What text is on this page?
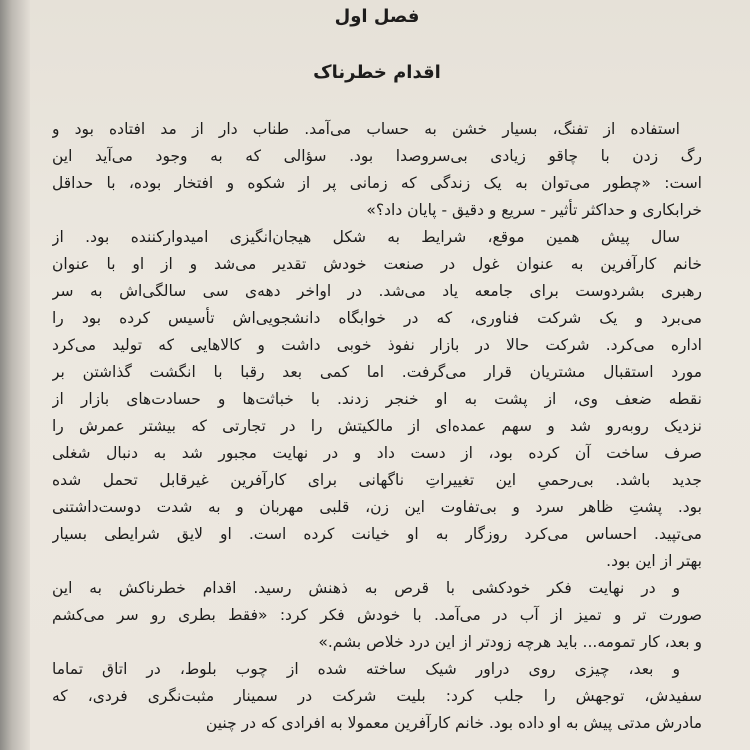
فصل اول
اقدام خطرناک
استفاده از تفنگ، بسیار خشن به حساب می‌آمد. طناب دار از مد افتاده بود و
رگ زدن با چاقو زیادی بی‌سروصدا بود. سؤالی که به وجود می‌آید این
است: «چطور می‌توان به یک زندگی که زمانی پر از شکوه و افتخار بوده، با حداقل
خرابکاری و حداکثر تأثیر - سریع و دقیق - پایان داد؟»
سال پیش همین موقع، شرایط به شکل هیجان‌انگیزی امیدوارکننده بود. از
خانم کارآفرین به عنوان غول در صنعت خودش تقدیر می‌شد و از او با عنوان
رهبری بشردوست برای جامعه یاد می‌شد. در اواخر دهه‌ی سی سالگی‌اش به سر
می‌برد و یک شرکت فناوری، که در خوابگاه دانشجویی‌اش تأسیس کرده بود را
اداره می‌کرد. شرکت حالا در بازار نفوذ خوبی داشت و کالاهایی که تولید می‌کرد
مورد استقبال مشتریان قرار می‌گرفت. اما کمی بعد رقبا با انگشت گذاشتن بر
نقطه ضعف وی، از پشت به او خنجر زدند. با خباثت‌ها و حسادت‌های بازار از
نزدیک روبه‌رو شد و سهم عمده‌ای از مالکیتش را در تجارتی که بیشتر عمرش را
صرف ساخت آن کرده بود، از دست داد و در نهایت مجبور شد به دنبال شغلی
جدید باشد. بی‌رحمیِ این تغییراتِ ناگهانی برای کارآفرین غیرقابل تحمل شده
بود. پشتِ ظاهر سرد و بی‌تفاوت این زن، قلبی مهربان و به شدت دوست‌داشتنی
می‌تپید. احساس می‌کرد روزگار به او خیانت کرده است. او لایق شرایطی بسیار
بهتر از این بود.
و در نهایت فکر خودکشی با قرص به ذهنش رسید. اقدام خطرناکش به این
صورت تر و تمیز از آب در می‌آمد. با خودش فکر کرد: «فقط بطری رو سر می‌کشم
و بعد، کار تمومه... باید هرچه زودتر از این درد خلاص بشم.»
و بعد، چیزی روی دراور شیک ساخته شده از چوب بلوط، در اتاق تماما
سفیدش، توجهش را جلب کرد: بلیت شرکت در سمینار مثبت‌نگری فردی، که
مادرش مدتی پیش به او داده بود. خانم کارآفرین معمولا به افرادی که در چنین
